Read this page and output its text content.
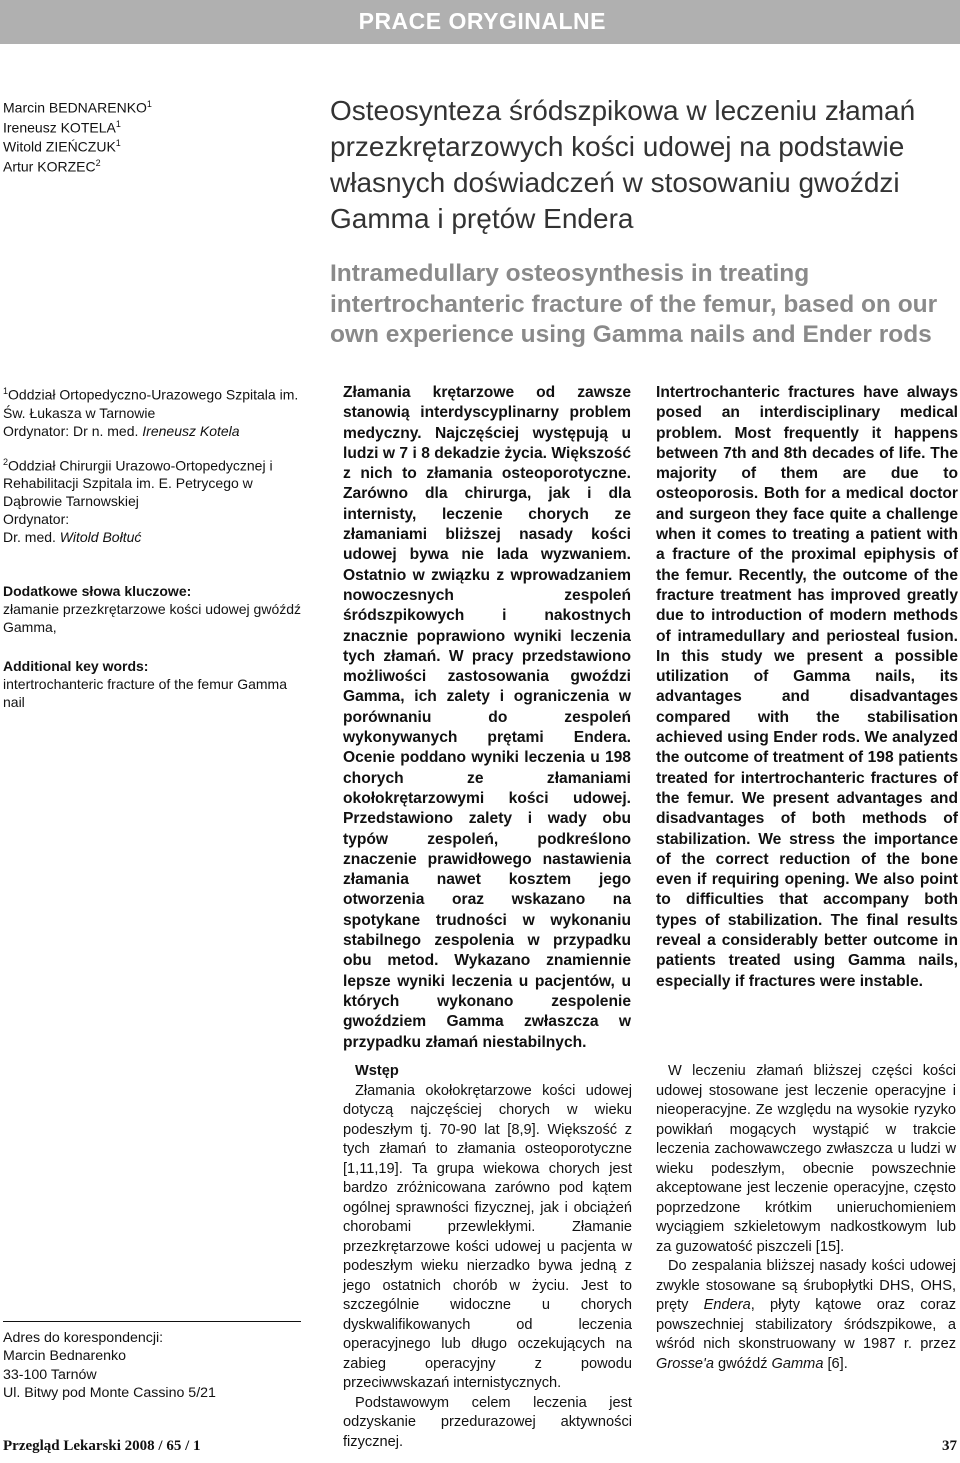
PRACE ORYGINALNE
Marcin BEDNARENKO$^1$
Ireneusz KOTELA$^1$
Witold ZIEŃCZUK$^1$
Artur KORZEC$^2$
Osteosynteza śródszpikowa w leczeniu złamań przezkrętarzowych kości udowej na podstawie własnych doświadczeń w stosowaniu gwoździ Gamma i prętów Endera
Intramedullary osteosynthesis in treating intertrochanteric fracture of the femur, based on our own experience using Gamma nails and Ender rods

$^1$Oddział Ortopedyczno-Urazowego Szpitala im. Św. Łukasza w Tarnowie
Ordynator: Dr n. med. Ireneusz Kotela

$^2$Oddział Chirurgii Urazowo-Ortopedycznej i Rehabilitacji Szpitala im. E. Petrycego w Dąbrowie Tarnowskiej
Ordynator:
Dr. med. Witold Bołtuć

Dodatkowe słowa kluczowe:
złamanie przezkrętarzowe kości udowej gwóźdź Gamma,

Additional key words:
intertrochanteric fracture of the femur Gamma nail

Złamania krętarzowe od zawsze stanowią interdyscyplinarny problem medyczny. Najczęściej występują u ludzi w 7 i 8 dekadzie życia. Większość z nich to złamania osteoporotyczne. Zarówno dla chirurga, jak i dla internisty, leczenie chorych ze złamaniami bliższej nasady kości udowej bywa nie lada wyzwaniem. Ostatnio w związku z wprowadzaniem nowoczesnych zespoleń śródszpikowych i nakostnych znacznie poprawiono wyniki leczenia tych złamań. W pracy przedstawiono możliwości zastosowania gwoździ Gamma, ich zalety i ograniczenia w porównaniu do zespoleń wykonywanych prętami Endera. Ocenie poddano wyniki leczenia u 198 chorych ze złamaniami okołokrętarzowymi kości udowej. Przedstawiono zalety i wady obu typów zespoleń, podkreślono znaczenie prawidłowego nastawienia złamania nawet kosztem jego otworzenia oraz wskazano na spotykane trudności w wykonaniu stabilnego zespolenia w przypadku obu metod. Wykazano znamiennie lepsze wyniki leczenia u pacjentów, u których wykonano zespolenie gwoździem Gamma zwłaszcza w przypadku złamań niestabilnych.
Intertrochanteric fractures have always posed an interdisciplinary medical problem. Most frequently it happens between 7th and 8th decades of life. The majority of them are due to osteoporosis. Both for a medical doctor and surgeon they face quite a challenge when it comes to treating a patient with a fracture of the proximal epiphysis of the femur. Recently, the outcome of the fracture treatment has improved greatly due to introduction of modern methods of intramedullary and periosteal fusion. In this study we present a possible utilization of Gamma nails, its advantages and disadvantages compared with the stabilisation achieved using Ender rods. We analyzed the outcome of treatment of 198 patients treated for intertrochanteric fractures of the femur. We present advantages and disadvantages of both methods of stabilization. We stress the importance of the correct reduction of the bone even if requiring opening. We also point to difficulties that accompany both types of stabilization. The final results reveal a considerably better outcome in patients treated using Gamma nails, especially if fractures were instable.
Wstęp

Złamania okołokrętarzowe kości udowej dotyczą najczęściej chorych w wieku podeszłym tj. 70-90 lat [8,9]. Większość z tych złamań to złamania osteoporotyczne [1,11,19]. Ta grupa wiekowa chorych jest bardzo zróżnicowana zarówno pod kątem ogólnej sprawności fizycznej, jak i obciążeń chorobami przewlekłymi. Złamanie przezkrętarzowe kości udowej u pacjenta w podeszłym wieku nierzadko bywa jedną z jego ostatnich chorób w życiu. Jest to szczególnie widoczne u chorych dyskwalifikowanych od leczenia operacyjnego lub długo oczekujących na zabieg operacyjny z powodu przeciwwskazań internistycznych.

Podstawowym celem leczenia jest odzyskanie przedurazowej aktywności fizycznej.

W leczeniu złamań bliższej części kości udowej stosowane jest leczenie operacyjne i nieoperacyjne. Ze względu na wysokie ryzyko powikłań mogących wystąpić w trakcie leczenia zachowawczego zwłaszcza u ludzi w wieku podeszłym, obecnie powszechnie akceptowane jest leczenie operacyjne, często poprzedzone krótkim unieruchomieniem wyciągiem szkieletowym nadkostkowym lub za guzowatość piszczeli [15].

Do zespalania bliższej nasady kości udowej zwykle stosowane są śrubopłytki DHS, OHS, pręty Endera, płyty kątowe oraz coraz powszechniej stabilizatory śródszpikowe, a wśród nich skonstruowany w 1987 r. przez Grosse'a gwóźdź Gamma [6].

Adres do korespondencji:
Marcin Bednarenko
33-100 Tarnów
Ul. Bitwy pod Monte Cassino 5/21
Przegląd Lekarski 2008 / 65 / 1	37
